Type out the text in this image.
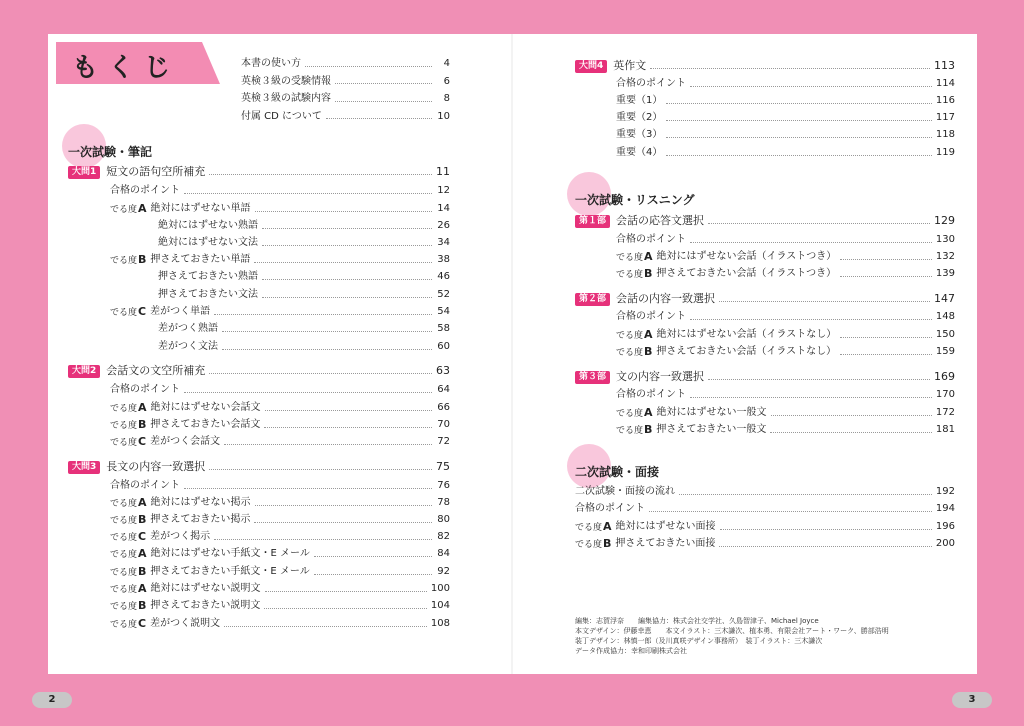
もくじ	本書の使い方	4
英検３級の受験情報	6
英検３級の試験内容	8
付属 CD について	10
一次試験・筆記
一次試験・リスニング
二次試験・面接
大問1 短文の語句空所補充	11
合格のポイント	12
でる度A 絶対にはずせない単語	14
絶対にはずせない熟語	26
絶対にはずせない文法	34
でる度B 押さえておきたい単語	38
押さえておきたい熟語	46
押さえておきたい文法	52
でる度C 差がつく単語	54
差がつく熟語	58
差がつく文法	60
大問2 会話文の文空所補充	63
合格のポイント	64
でる度A 絶対にはずせない会話文	66
でる度B 押さえておきたい会話文	70
でる度C 差がつく会話文	72
大問3 長文の内容一致選択	75
合格のポイント	76
でる度A 絶対にはずせない掲示	78
でる度B 押さえておきたい掲示	80
でる度C 差がつく掲示	82
でる度A 絶対にはずせない手紙文・E メール	84
でる度B 押さえておきたい手紙文・E メール	92
でる度A 絶対にはずせない説明文	100
でる度B 押さえておきたい説明文	104
でる度C 差がつく説明文	108
大問4 英作文	113
合格のポイント	114
重要（1）	116
重要（2）	117
重要（3）	118
重要（4）	119
第１部 会話の応答文選択	129
合格のポイント	130
でる度A 絶対にはずせない会話（イラストつき）	132
でる度B 押さえておきたい会話（イラストつき）	139
第２部 会話の内容一致選択	147
合格のポイント	148
でる度A 絶対にはずせない会話（イラストなし）	150
でる度B 押さえておきたい会話（イラストなし）	159
第３部 文の内容一致選択	169
合格のポイント	170
でる度A 絶対にはずせない一般文	172
でる度B 押さえておきたい一般文	181
二次試験・面接の流れ	192
合格のポイント	194
でる度A 絶対にはずせない面接	196
でる度B 押さえておきたい面接	200
編集：志賀浮奈　　編集協力：株式会社交学社、久島智津子、Michael Joyce
本文デザイン：伊藤幸恵　　本文イラスト：三木謙次、植本勇、有限会社アート・ワーク、勝部浩明
装丁デザイン：林慎一郎（及川真咲デザイン事務所）　装丁イラスト：三木謙次
データ作成協力：幸和印刷株式会社
2	3
